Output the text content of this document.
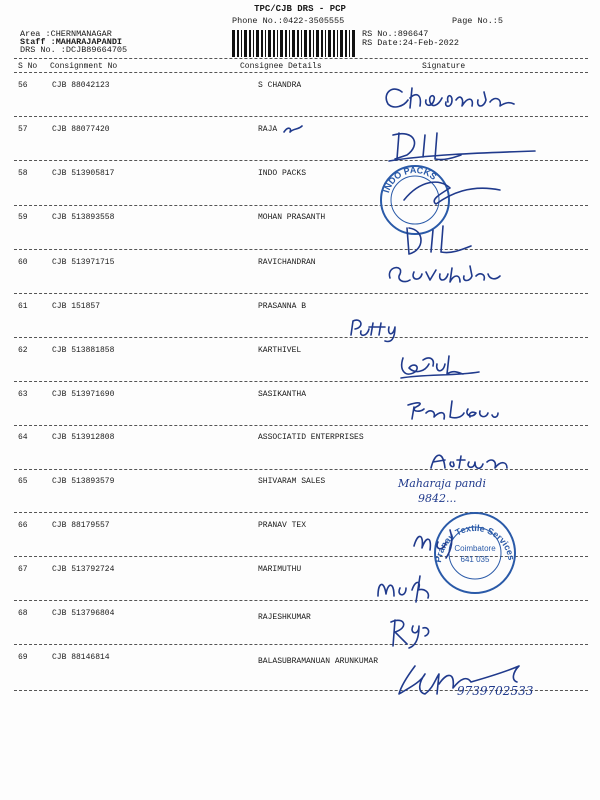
TPC/CJB DRS - PCP
Phone No.:0422-3505555	Page No.:5
Area :CHERNMANAGAR
Staff :MAHARAJAPANDI
DRS No. :DCJB89664705
RS No.:896647
RS Date:24-Feb-2022
S No Consignment No	Consignee Details	Signature
56	CJB 88042123	S CHANDRA
57	CJB 88077420	RAJA
58	CJB 513905817	INDO PACKS
59	CJB 513893558	MOHAN PRASANTH
60	CJB 513971715	RAVICHANDRAN
61	CJB 151857	PRASANNA B
62	CJB 513881858	KARTHIVEL
63	CJB 513971690	SASIKANTHA
64	CJB 513912808	ASSOCIATID ENTERPRISES
65	CJB 513893579	SHIVARAM SALES
66	CJB 88179557	PRANAV TEX
67	CJB 513792724	MARIMUTHU
68	CJB 513796804	RAJESHKUMAR
69	CJB 88146814	BALASUBRAMANUAN ARUNKUMAR
INDO PACKS
Maharaja pandi
9842...
Pranav Textile Services
Coimbatore
641 035
9739702533
